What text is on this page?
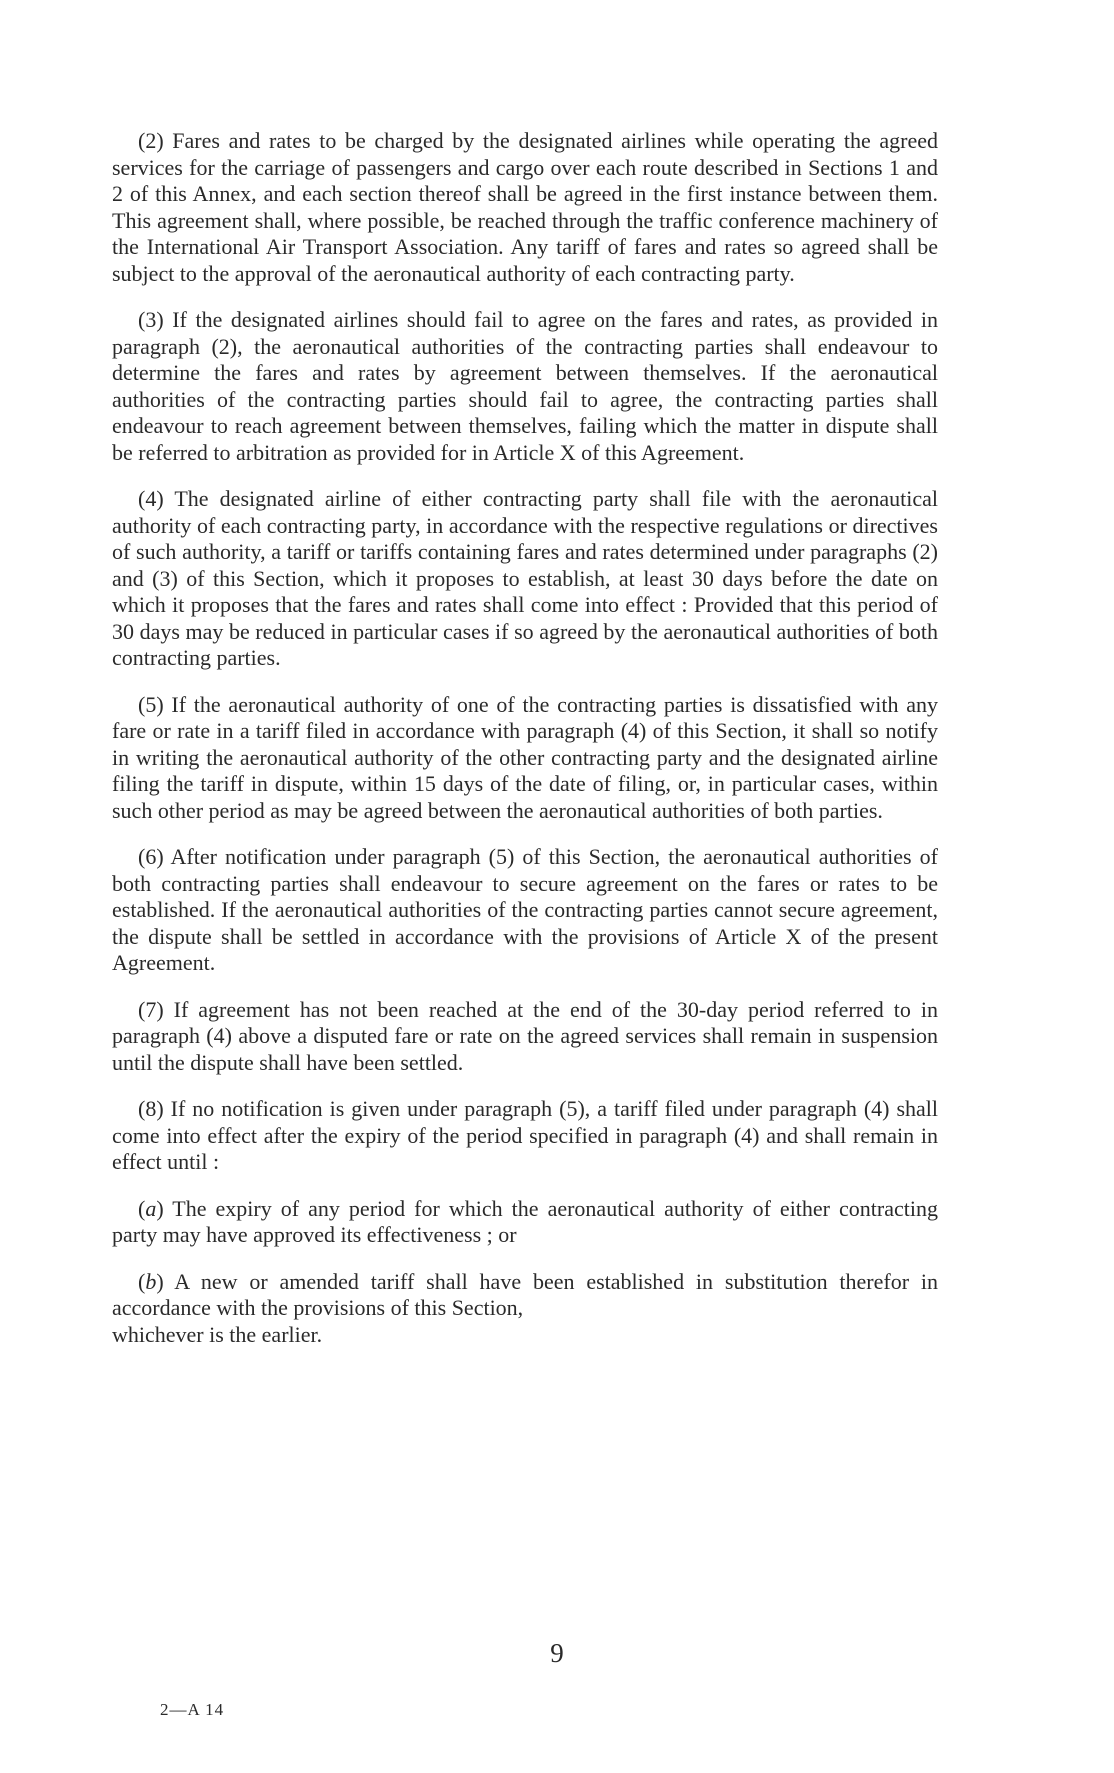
(2) Fares and rates to be charged by the designated airlines while operating the agreed services for the carriage of passengers and cargo over each route described in Sections 1 and 2 of this Annex, and each section thereof shall be agreed in the first instance between them. This agreement shall, where possible, be reached through the traffic conference machinery of the International Air Transport Association. Any tariff of fares and rates so agreed shall be subject to the approval of the aeronautical authority of each contracting party.

(3) If the designated airlines should fail to agree on the fares and rates, as provided in paragraph (2), the aeronautical authorities of the contracting parties shall endeavour to determine the fares and rates by agreement between themselves. If the aeronautical authorities of the contracting parties should fail to agree, the contracting parties shall endeavour to reach agreement between themselves, failing which the matter in dispute shall be referred to arbitration as provided for in Article X of this Agreement.

(4) The designated airline of either contracting party shall file with the aeronautical authority of each contracting party, in accordance with the respective regulations or directives of such authority, a tariff or tariffs containing fares and rates determined under paragraphs (2) and (3) of this Section, which it proposes to establish, at least 30 days before the date on which it proposes that the fares and rates shall come into effect : Provided that this period of 30 days may be reduced in particular cases if so agreed by the aeronautical authorities of both contracting parties.

(5) If the aeronautical authority of one of the contracting parties is dissatisfied with any fare or rate in a tariff filed in accordance with paragraph (4) of this Section, it shall so notify in writing the aeronautical authority of the other contracting party and the designated airline filing the tariff in dispute, within 15 days of the date of filing, or, in particular cases, within such other period as may be agreed between the aeronautical authorities of both parties.

(6) After notification under paragraph (5) of this Section, the aeronautical authorities of both contracting parties shall endeavour to secure agreement on the fares or rates to be established. If the aeronautical authorities of the contracting parties cannot secure agreement, the dispute shall be settled in accordance with the provisions of Article X of the present Agreement.

(7) If agreement has not been reached at the end of the 30-day period referred to in paragraph (4) above a disputed fare or rate on the agreed services shall remain in suspension until the dispute shall have been settled.

(8) If no notification is given under paragraph (5), a tariff filed under paragraph (4) shall come into effect after the expiry of the period specified in paragraph (4) and shall remain in effect until :

(a) The expiry of any period for which the aeronautical authority of either contracting party may have approved its effectiveness ; or

(b) A new or amended tariff shall have been established in substitution therefor in accordance with the provisions of this Section,

whichever is the earlier.

9
2—A 14
